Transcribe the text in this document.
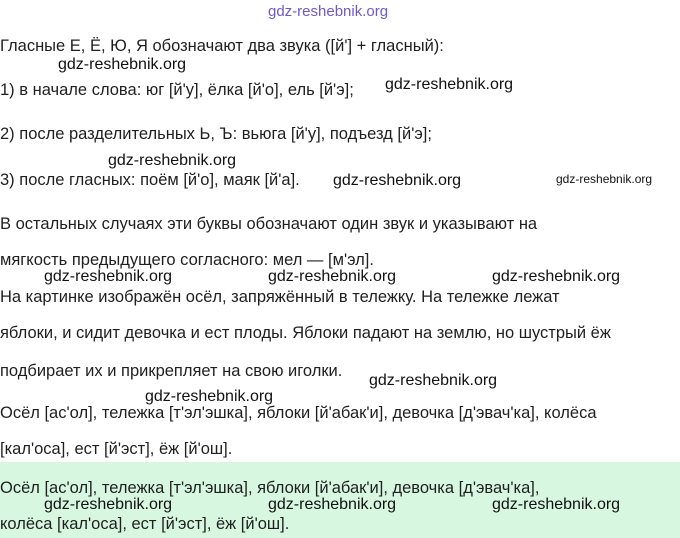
gdz-reshebnik.org
Гласные Е, Ё, Ю, Я обозначают два звука ([й'] + гласный):
1) в начале слова: юг [й'у], ёлка [й'о], ель [й'э];
2) после разделительных Ь, Ъ: вьюга [й'у], подъезд [й'э];
3) после гласных: поём [й'о], маяк [й'а].
В остальных случаях эти буквы обозначают один звук и указывают на
мягкость предыдущего согласного: мел — [м'эл].
На картинке изображён осёл, запряжённый в тележку. На тележке лежат
яблоки, и сидит девочка и ест плоды. Яблоки падают на землю, но шустрый ёж
подбирает их и прикрепляет на свою иголки.
Осёл [ас'ол], тележка [т'эл'эшка], яблоки [й'абак'и], девочка [д'эвач'ка], колёса
[кал'оса], ест [й'эст], ёж [й'ош].
Осёл [ас'ол], тележка [т'эл'эшка], яблоки [й'абак'и], девочка [д'эвач'ка],
колёса [кал'оса], ест [й'эст], ёж [й'ош].
gdz-reshebnik.org
gdz-reshebnik.org
gdz-reshebnik.org
gdz-reshebnik.org	gdz-reshebnik.org
gdz-reshebnik.org	gdz-reshebnik.org	gdz-reshebnik.org
gdz-reshebnik.org
gdz-reshebnik.org
gdz-reshebnik.org	gdz-reshebnik.org	gdz-reshebnik.org
